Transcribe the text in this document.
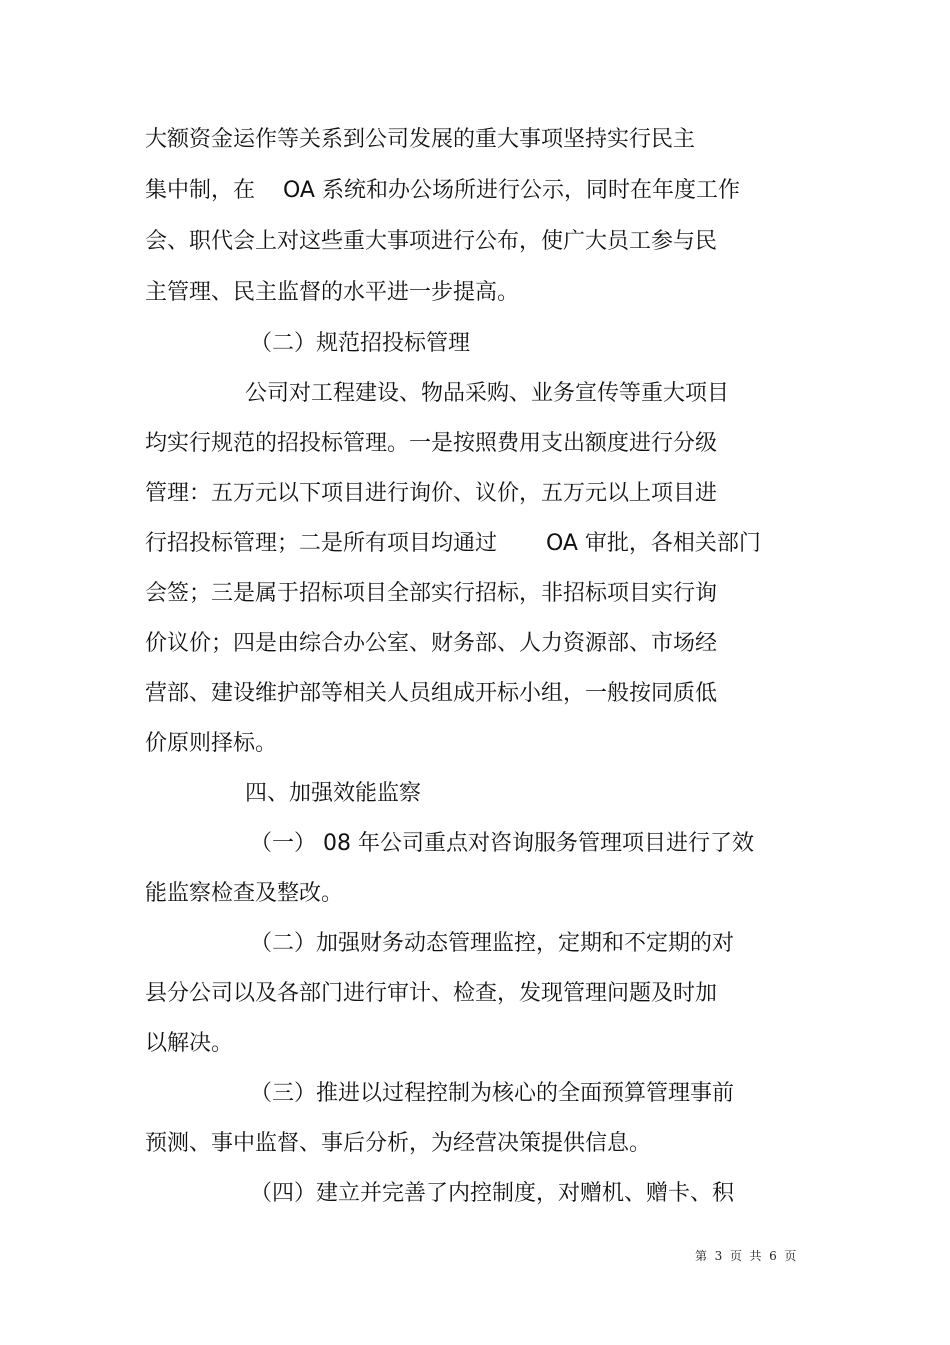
大额资金运作等关系到公司发展的重大事项坚持实行民主
集中制，在    OA 系统和办公场所进行公示，同时在年度工作
会、职代会上对这些重大事项进行公布，使广大员工参与民
主管理、民主监督的水平进一步提高。
（二）规范招投标管理
公司对工程建设、物品采购、业务宣传等重大项目
均实行规范的招投标管理。一是按照费用支出额度进行分级
管理：五万元以下项目进行询价、议价，五万元以上项目进
行招投标管理；二是所有项目均通过       OA 审批，各相关部门
会签；三是属于招标项目全部实行招标，非招标项目实行询
价议价；四是由综合办公室、财务部、人力资源部、市场经
营部、建设维护部等相关人员组成开标小组，一般按同质低
价原则择标。
四、加强效能监察
（一） 08 年公司重点对咨询服务管理项目进行了效
能监察检查及整改。
（二）加强财务动态管理监控，定期和不定期的对
县分公司以及各部门进行审计、检查，发现管理问题及时加
以解决。
（三）推进以过程控制为核心的全面预算管理事前
预测、事中监督、事后分析，为经营决策提供信息。
（四）建立并完善了内控制度，对赠机、赠卡、积
第  3  页  共  6  页
